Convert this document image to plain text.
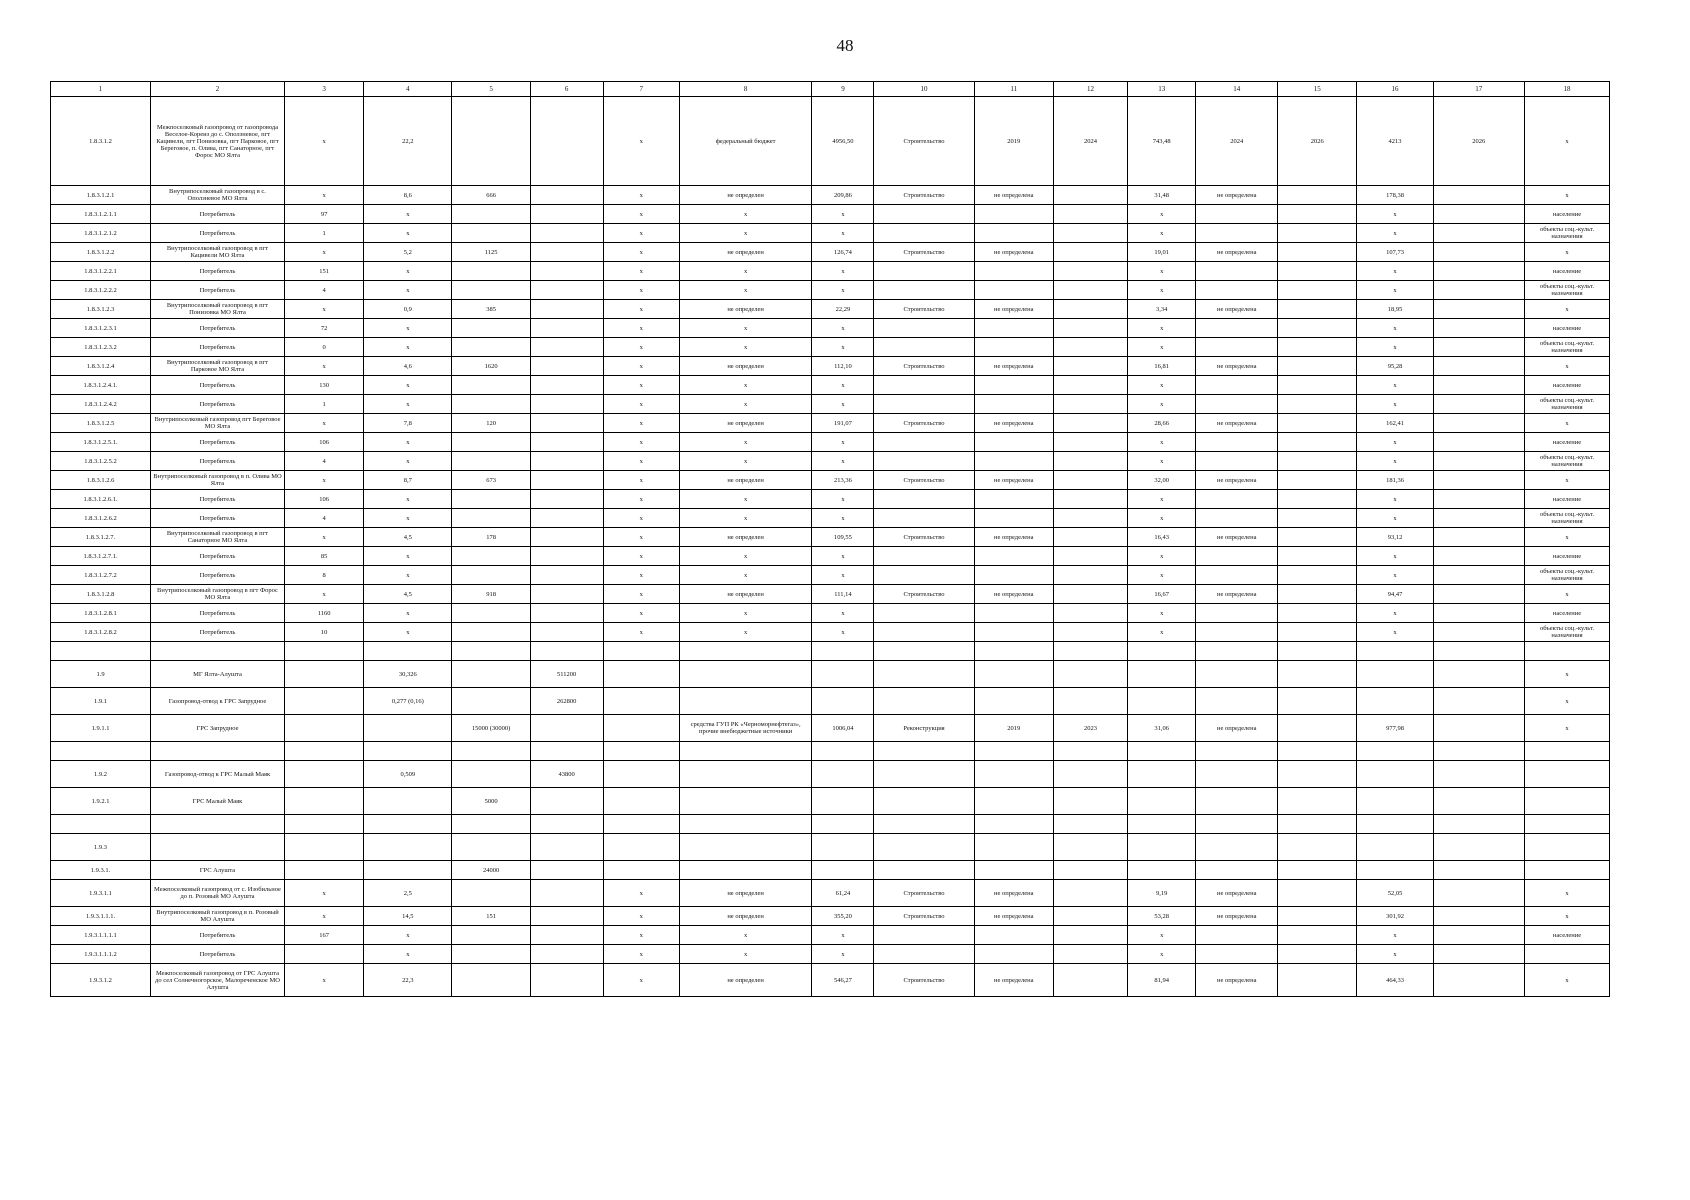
48
1	2	3	4	5	6	7	8	9	10	11	12	13	14	15	16	17	18
1.8.3.1.2	Межпоселковый газопровод от газопровода Веселое-Кореиз до с. Оползневое, пгт Кацивели, пгт Понизовка, пгт Парковое, пгт Береговое, п. Олива, пгт Санаторное, пгт Форос МО Ялта	х	22,2			х	федеральный бюджет	4956,50	Строительство	2019	2024	743,48	2024	2026	4213	2026	х
1.8.3.1.2.1	Внутрипоселковый газопровод в с. Оползневое МО Ялта	х	8,6	666		х	не определен	209,86	Строительство	не определена		31,48	не определена		178,38		х
1.8.3.1.2.1.1	Потребитель	97	х			х	х	х				х			х		население
1.8.3.1.2.1.2	Потребитель	1	х			х	х	х				х			х		объекты соц.-культ. назначения
1.8.3.1.2.2	Внутрипоселковый газопровод в пгт Кацивели МО Ялта	х	5,2	1125		х	не определен	126,74	Строительство	не определена		19,01	не определена		107,73		х
1.8.3.1.2.2.1	Потребитель	151	х			х	х	х				х			х		население
1.8.3.1.2.2.2	Потребитель	4	х			х	х	х				х			х		объекты соц.-культ. назначения
1.8.3.1.2.3	Внутрипоселковый газопровод в пгт Понизовка МО Ялта	х	0,9	385		х	не определен	22,29	Строительство	не определена		3,34	не определена		18,95		х
1.8.3.1.2.3.1	Потребитель	72	х			х	х	х				х			х		население
1.8.3.1.2.3.2	Потребитель	0	х			х	х	х				х			х		объекты соц.-культ. назначения
1.8.3.1.2.4	Внутрипоселковый газопровод в пгт Парковое МО Ялта	х	4,6	1620		х	не определен	112,10	Строительство	не определена		16,81	не определена		95,28		х
1.8.3.1.2.4.1.	Потребитель	130	х			х	х	х				х			х		население
1.8.3.1.2.4.2	Потребитель	1	х			х	х	х				х			х		объекты соц.-культ. назначения
1.8.3.1.2.5	Внутрипоселковый газопровод пгт Береговое МО Ялта	х	7,8	120		х	не определен	191,07	Строительство	не определена		28,66	не определена		162,41		х
1.8.3.1.2.5.1.	Потребитель	106	х			х	х	х				х			х		население
1.8.3.1.2.5.2	Потребитель	4	х			х	х	х				х			х		объекты соц.-культ. назначения
1.8.3.1.2.6	Внутрипоселковый газопровод в п. Олива МО Ялта	х	8,7	673		х	не определен	213,36	Строительство	не определена		32,00	не определена		181,36		х
1.8.3.1.2.6.1.	Потребитель	106	х			х	х	х				х			х		население
1.8.3.1.2.6.2	Потребитель	4	х			х	х	х				х			х		объекты соц.-культ. назначения
1.8.3.1.2.7.	Внутрипоселковый газопровод в пгт Санаторное МО Ялта	х	4,5	178		х	не определен	109,55	Строительство	не определена		16,43	не определена		93,12		х
1.8.3.1.2.7.1.	Потребитель	85	х			х	х	х				х			х		население
1.8.3.1.2.7.2	Потребитель	8	х			х	х	х				х			х		объекты соц.-культ. назначения
1.8.3.1.2.8	Внутрипоселковый газопровод в пгт Форос МО Ялта	х	4,5	918		х	не определен	111,14	Строительство	не определена		16,67	не определена		94,47		х
1.8.3.1.2.8.1	Потребитель	1160	х			х	х	х				х			х		население
1.8.3.1.2.8.2	Потребитель	10	х			х	х	х				х			х		объекты соц.-культ. назначения

1.9	МГ Ялта-Алушта		30,326		511200												х
1.9.1	Газопровод-отвод к ГРС Запрудное		0,277 (0,16)		262800												х
1.9.1.1	ГРС Запрудное			15000 (30000)			средства ГУП РК «Черноморнефтегаз», прочие внебюджетные источники	1006,04	Реконструкция	2019	2023	31,06	не определена		977,98		х

1.9.2	Газопровод-отвод к ГРС Малый Маяк		0,509		43800												
1.9.2.1	ГРС Малый Маяк			5000													

1.9.3																	
1.9.3.1.	ГРС Алушта			24000													
1.9.3.1.1	Межпоселковый газопровод от с. Изобильное до п. Розовый МО Алушта	х	2,5			х	не определен	61,24	Строительство	не определена		9,19	не определена		52,05		х
1.9.3.1.1.1.	Внутрипоселковый газопровод в п. Розовый МО Алушта	х	14,5	151		х	не определен	355,20	Строительство	не определена		53,28	не определена		301,92		х
1.9.3.1.1.1.1	Потребитель	167	х			х	х	х				х			х		население
1.9.3.1.1.1.2	Потребитель		х			х	х	х				х			х		
1.9.3.1.2	Межпоселковый газопровод от ГРС Алушта до сел Солнечногорское, Малореченское МО Алушта	х	22,3			х	не определен	546,27	Строительство	не определена		81,94	не определена		464,33		х
